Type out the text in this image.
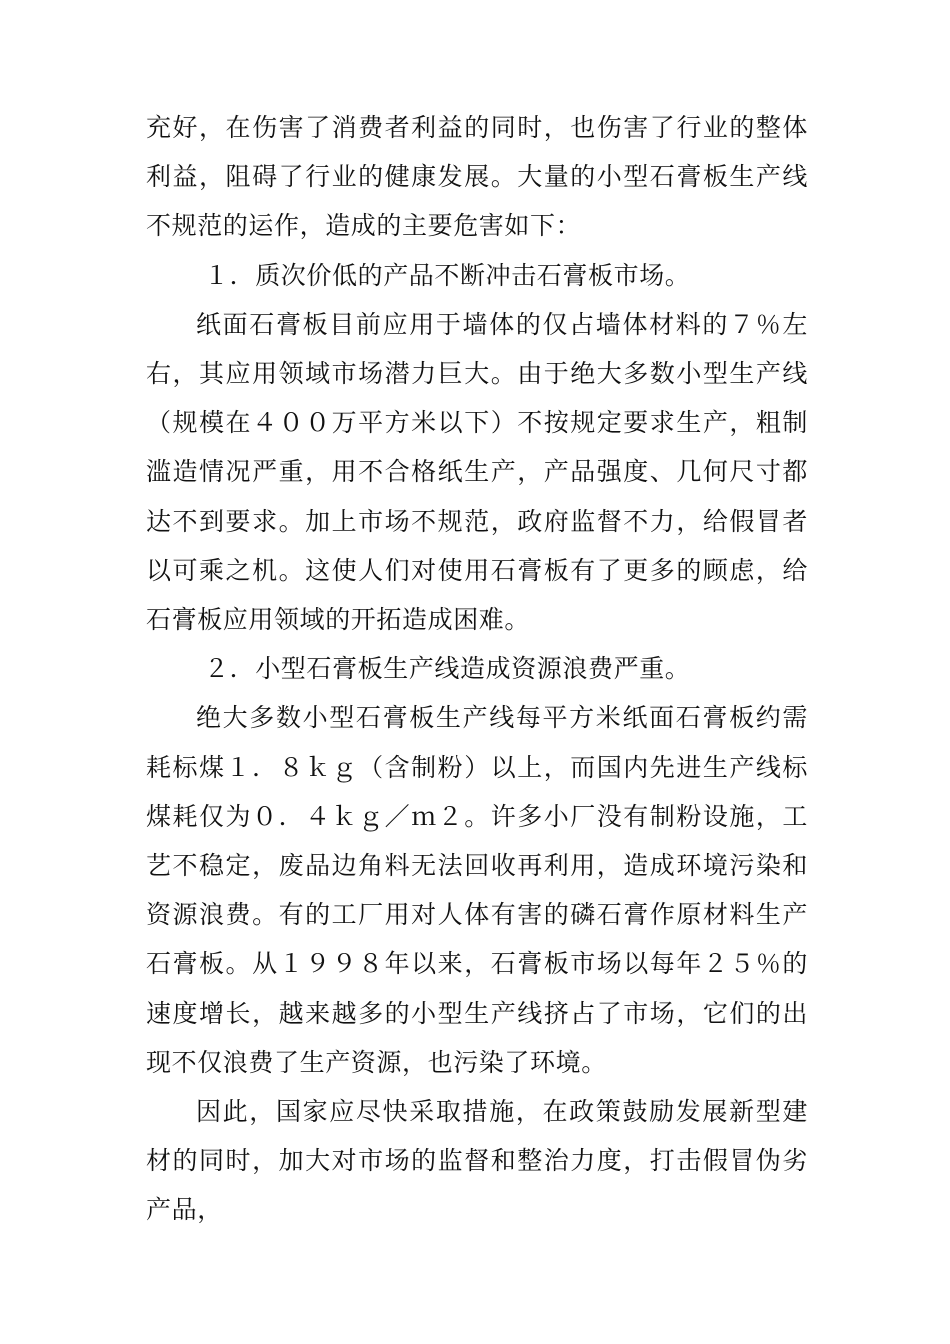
充好，在伤害了消费者利益的同时，也伤害了行业的整体利益，阻碍了行业的健康发展。大量的小型石膏板生产线不规范的运作，造成的主要危害如下：

１．质次价低的产品不断冲击石膏板市场。

纸面石膏板目前应用于墙体的仅占墙体材料的７％左右，其应用领域市场潜力巨大。由于绝大多数小型生产线（规模在４００万平方米以下）不按规定要求生产，粗制滥造情况严重，用不合格纸生产，产品强度、几何尺寸都达不到要求。加上市场不规范，政府监督不力，给假冒者以可乘之机。这使人们对使用石膏板有了更多的顾虑，给石膏板应用领域的开拓造成困难。

２．小型石膏板生产线造成资源浪费严重。

绝大多数小型石膏板生产线每平方米纸面石膏板约需耗标煤１．８ｋｇ（含制粉）以上，而国内先进生产线标煤耗仅为０．４ｋｇ／ｍ２。许多小厂没有制粉设施，工艺不稳定，废品边角料无法回收再利用，造成环境污染和资源浪费。有的工厂用对人体有害的磷石膏作原材料生产石膏板。从１９９８年以来，石膏板市场以每年２５％的速度增长，越来越多的小型生产线挤占了市场，它们的出现不仅浪费了生产资源，也污染了环境。

因此，国家应尽快采取措施，在政策鼓励发展新型建材的同时，加大对市场的监督和整治力度，打击假冒伪劣产品，
